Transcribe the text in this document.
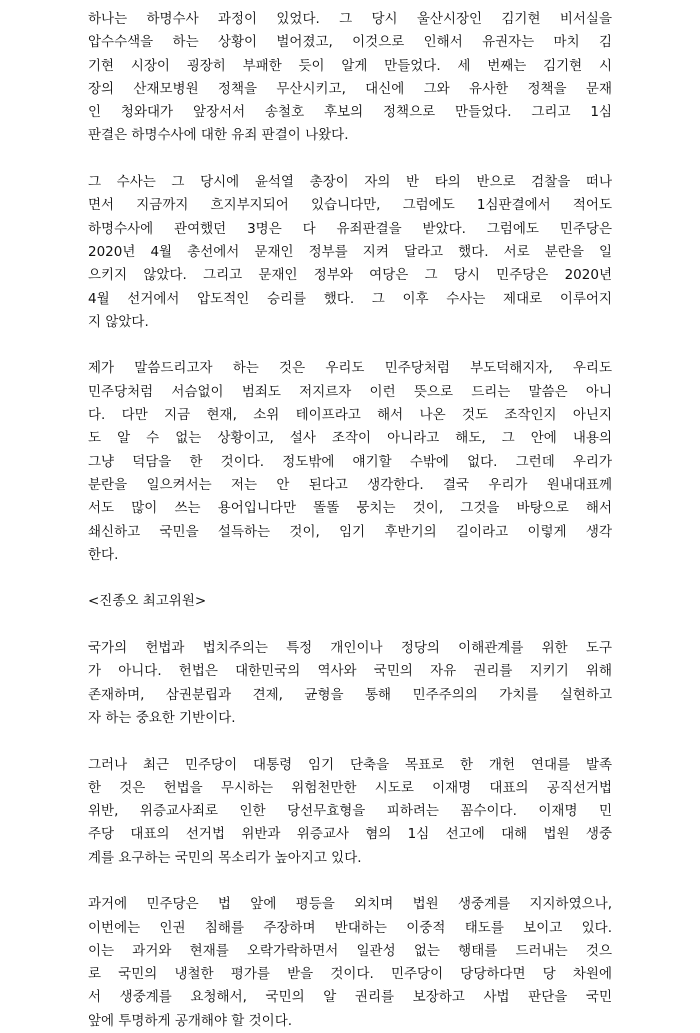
하나는 하명수사 과정이 있었다. 그 당시 울산시장인 김기현 비서실을
압수수색을 하는 상황이 벌어졌고, 이것으로 인해서 유권자는 마치 김
기현 시장이 굉장히 부패한 듯이 알게 만들었다. 세 번째는 김기현 시
장의 산재모병원 정책을 무산시키고, 대신에 그와 유사한 정책을 문재
인 청와대가 앞장서서 송철호 후보의 정책으로 만들었다. 그리고 1심
판결은 하명수사에 대한 유죄 판결이 나왔다.
그 수사는 그 당시에 윤석열 총장이 자의 반 타의 반으로 검찰을 떠나
면서 지금까지 흐지부지되어 있습니다만, 그럼에도 1심판결에서 적어도
하명수사에 관여했던 3명은 다 유죄판결을 받았다. 그럼에도 민주당은
2020년 4월 총선에서 문재인 정부를 지켜 달라고 했다. 서로 분란을 일
으키지 않았다. 그리고 문재인 정부와 여당은 그 당시 민주당은 2020년
4월 선거에서 압도적인 승리를 했다. 그 이후 수사는 제대로 이루어지
지 않았다.
제가 말씀드리고자 하는 것은 우리도 민주당처럼 부도덕해지자, 우리도
민주당처럼 서슴없이 범죄도 저지르자 이런 뜻으로 드리는 말씀은 아니
다. 다만 지금 현재, 소위 테이프라고 해서 나온 것도 조작인지 아닌지
도 알 수 없는 상황이고, 설사 조작이 아니라고 해도, 그 안에 내용의
그냥 덕담을 한 것이다. 정도밖에 얘기할 수밖에 없다. 그런데 우리가
분란을 일으켜서는 저는 안 된다고 생각한다. 결국 우리가 원내대표께
서도 많이 쓰는 용어입니다만 똘똘 뭉치는 것이, 그것을 바탕으로 해서
쇄신하고 국민을 설득하는 것이, 임기 후반기의 길이라고 이렇게 생각
한다.

<진종오 최고위원>

국가의 헌법과 법치주의는 특정 개인이나 정당의 이해관계를 위한 도구
가 아니다. 헌법은 대한민국의 역사와 국민의 자유 권리를 지키기 위해
존재하며, 삼권분립과 견제, 균형을 통해 민주주의의 가치를 실현하고
자 하는 중요한 기반이다.
그러나 최근 민주당이 대통령 임기 단축을 목표로 한 개헌 연대를 발족
한 것은 헌법을 무시하는 위험천만한 시도로 이재명 대표의 공직선거법
위반, 위증교사죄로 인한 당선무효형을 피하려는 꼼수이다. 이재명 민
주당 대표의 선거법 위반과 위증교사 혐의 1심 선고에 대해 법원 생중
계를 요구하는 국민의 목소리가 높아지고 있다.
과거에 민주당은 법 앞에 평등을 외치며 법원 생중계를 지지하였으나,
이번에는 인권 침해를 주장하며 반대하는 이중적 태도를 보이고 있다.
이는 과거와 현재를 오락가락하면서 일관성 없는 행태를 드러내는 것으
로 국민의 냉철한 평가를 받을 것이다. 민주당이 당당하다면 당 차원에
서 생중계를 요청해서, 국민의 알 권리를 보장하고 사법 판단을 국민
앞에 투명하게 공개해야 할 것이다.
